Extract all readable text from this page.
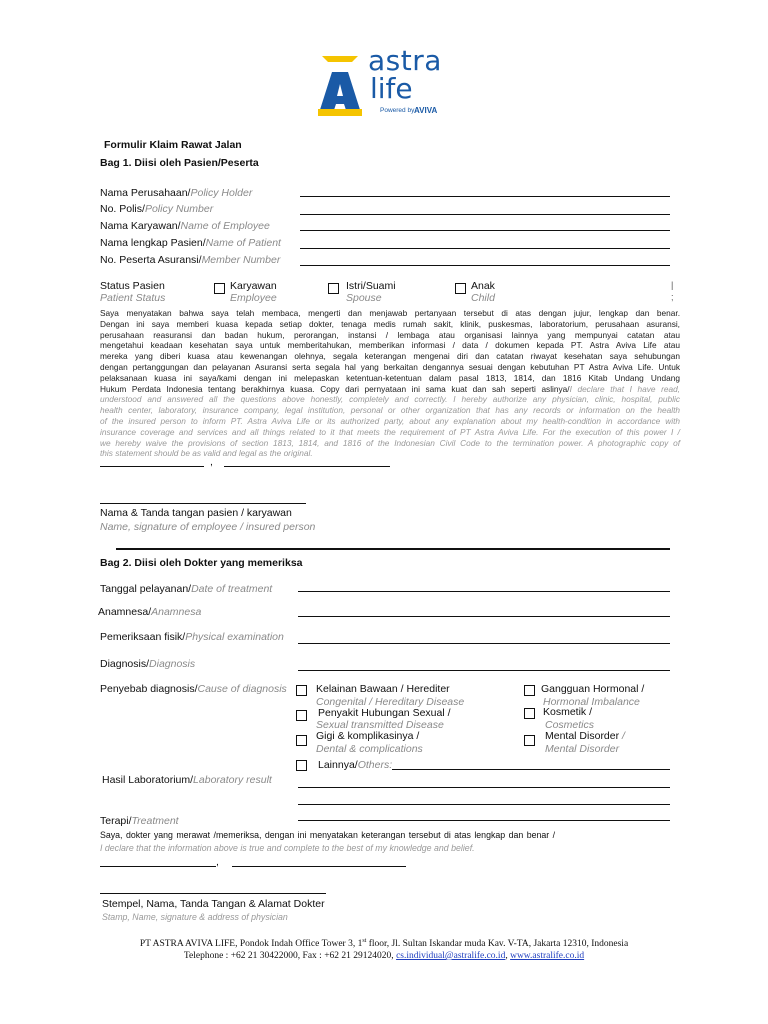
astra
life
Powered by AVIVA
Formulir Klaim Rawat Jalan
Bag 1. Diisi oleh Pasien/Peserta
Nama Perusahaan/Policy Holder
No. Polis/Policy Number
Nama Karyawan/Name of Employee
Nama lengkap Pasien/Name of Patient
No. Peserta Asuransi/Member Number
Status Pasien
Patient Status
Karyawan
Employee
Istri/Suami
Spouse
Anak
Child
|
;
Saya menyatakan bahwa saya telah membaca, mengerti dan menjawab pertanyaan tersebut di atas dengan jujur, lengkap dan benar.
Dengan ini saya memberi kuasa kepada setiap dokter, tenaga medis rumah sakit, klinik, puskesmas, laboratorium, perusahaan asuransi,
perusahaan reasuransi dan badan hukum, perorangan, instansi / lembaga atau organisasi lainnya yang mempunyai catatan atau
mengetahui keadaan kesehatan saya untuk memberitahukan, memberikan informasi / data / dokumen kepada PT. Astra Aviva Life atau
mereka yang diberi kuasa atau kewenangan olehnya, segala keterangan mengenai diri dan catatan riwayat kesehatan saya sehubungan
dengan pertanggungan dan pelayanan Asuransi serta segala hal yang berkaitan dengannya sesuai dengan kebutuhan PT Astra Aviva Life. Untuk
pelaksanaan kuasa ini saya/kami dengan ini melepaskan ketentuan-ketentuan dalam pasal 1813, 1814, dan 1816 Kitab Undang Undang
Hukum Perdata Indonesia tentang berakhirnya kuasa. Copy dari pernyataan ini sama kuat dan sah seperti aslinya/I declare that I have read,
understood and answered all the questions above honestly, completely and correctly. I hereby authorize any physician, clinic, hospital, public
health center, laboratory, insurance company, legal institution, personal or other organization that has any records or information on the health
of the insured person to inform PT. Astra Aviva Life or its authorized party, about any explanation about my health-condition in accordance with
insurance coverage and services and all things related to it that meets the requirement of PT Astra Aviva Life. For the execution of this power I /
we hereby waive the provisions of section 1813, 1814, and 1816 of the Indonesian Civil Code to the termination power. A photographic copy of
this statement should be as valid and legal as the original.
,
Nama & Tanda tangan pasien / karyawan
Name, signature of employee / insured person
Bag 2. Diisi oleh Dokter yang memeriksa
Tanggal pelayanan/Date of treatment
Anamnesa/Anamnesa
Pemeriksaan fisik/Physical examination
Diagnosis/Diagnosis
Penyebab diagnosis/Cause of diagnosis	Kelainan Bawaan / Herediter
Congenital / Hereditary Disease
Penyakit Hubungan Sexual /
Sexual transmitted Disease
Gigi & komplikasinya /
Dental & complications
Lainnya/Others:
Gangguan Hormonal /
Hormonal Imbalance
Kosmetik /
Cosmetics
Mental Disorder /
Mental Disorder
Hasil Laboratorium/Laboratory result
Terapi/Treatment
Saya, dokter yang merawat /memeriksa, dengan ini menyatakan keterangan tersebut di atas lengkap dan benar /
I declare that the information above is true and complete to the best of my knowledge and belief.
,
Stempel, Nama, Tanda Tangan & Alamat Dokter
Stamp, Name, signature & address of physician
PT ASTRA AVIVA LIFE, Pondok Indah Office Tower 3, 1st floor, Jl. Sultan Iskandar muda Kav. V-TA, Jakarta 12310, Indonesia
Telephone : +62 21 30422000, Fax : +62 21 29124020, cs.individual@astralife.co.id, www.astralife.co.id
